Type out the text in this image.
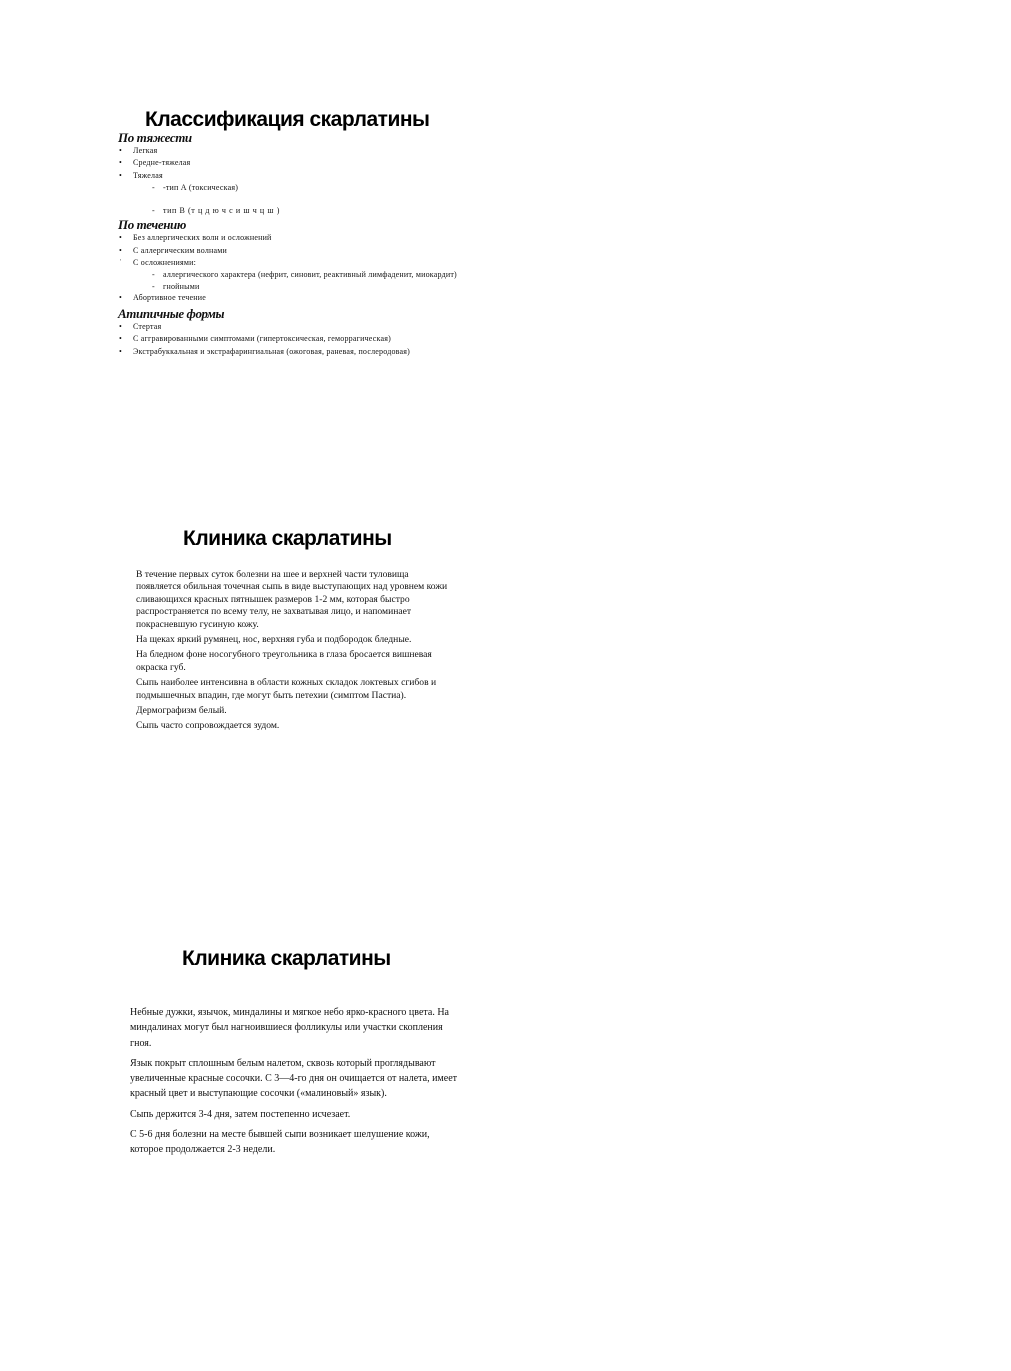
Классификация скарлатины
По тяжести
• Легкая
• Средне-тяжелая
• Тяжелая
- -тип А (токсическая)
- тип В (т ц д ю ч с и ш ч ц ш )
По течению
• Без аллергических волн и осложнений
• С аллергическим волнами
ˈ С осложнениями:
- аллергического характера (нефрит, синовит, реактивный лимфаденит, миокардит)
- гнойными
• Абортивное течение
Атипичные формы
• Стертая
• С аггравированными симптомами (гипертоксическая, геморрагическая)
• Экстрабуккальная и экстрафарингиальная (ожоговая, раневая, послеродовая)
Клиника скарлатины

В течение первых суток болезни на шее и верхней части туловища появляется обильная точечная сыпь в виде выступающих над уровнем кожи сливающихся красных пятнышек размеров 1-2 мм, которая быстро распространяется по всему телу, не захватывая лицо, и напоминает покрасневшую гусиную кожу.

На щеках яркий румянец, нос, верхняя губа и подбородок бледные.

На бледном фоне носогубного треугольника в глаза бросается вишневая окраска губ.

Сыпь наиболее интенсивна в области кожных складок локтевых сгибов и подмышечных впадин, где могут быть петехии (симптом Пастиа).

Дермографизм белый.

Сыпь часто сопровождается зудом.

Клиника скарлатины

Небные дужки, язычок, миндалины и мягкое небо ярко-красного цвета. На миндалинах могут был нагноившиеся фолликулы или участки скопления гноя.

Язык покрыт сплошным белым налетом, сквозь который проглядывают увеличенные красные сосочки. С 3—4-го дня он очищается от налета, имеет красный цвет и выступающие сосочки («малиновый» язык).

Сыпь держится 3-4 дня, затем постепенно исчезает.

С 5-6 дня болезни на месте бывшей сыпи возникает шелушение кожи, которое продолжается 2-3 недели.
